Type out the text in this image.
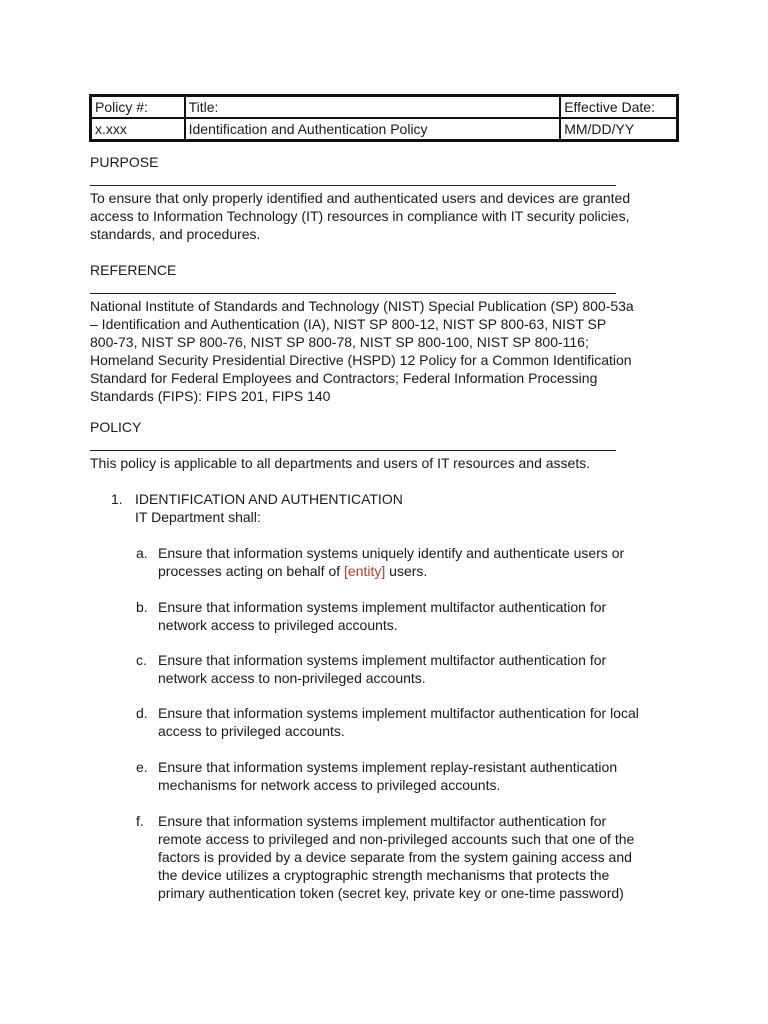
Policy #:	Title:	Effective Date:
x.xxx	Identification and Authentication Policy	MM/DD/YY

PURPOSE

To ensure that only properly identified and authenticated users and devices are granted

access to Information Technology (IT) resources in compliance with IT security policies,

standards, and procedures.

REFERENCE

National Institute of Standards and Technology (NIST) Special Publication (SP) 800-53a

– Identification and Authentication (IA), NIST SP 800-12, NIST SP 800-63, NIST SP

800-73, NIST SP 800-76, NIST SP 800-78, NIST SP 800-100, NIST SP 800-116;

Homeland Security Presidential Directive (HSPD) 12 Policy for a Common Identification

Standard for Federal Employees and Contractors; Federal Information Processing

Standards (FIPS): FIPS 201, FIPS 140

POLICY

This policy is applicable to all departments and users of IT resources and assets.

1. IDENTIFICATION AND AUTHENTICATION
IT Department shall:
a. Ensure that information systems uniquely identify and authenticate users or
processes acting on behalf of [entity] users.
b. Ensure that information systems implement multifactor authentication for
network access to privileged accounts.
c. Ensure that information systems implement multifactor authentication for
network access to non-privileged accounts.
d. Ensure that information systems implement multifactor authentication for local
access to privileged accounts.
e. Ensure that information systems implement replay-resistant authentication
mechanisms for network access to privileged accounts.
f.	Ensure that information systems implement multifactor authentication for
remote access to privileged and non-privileged accounts such that one of the
factors is provided by a device separate from the system gaining access and
the device utilizes a cryptographic strength mechanisms that protects the
primary authentication token (secret key, private key or one-time password)
